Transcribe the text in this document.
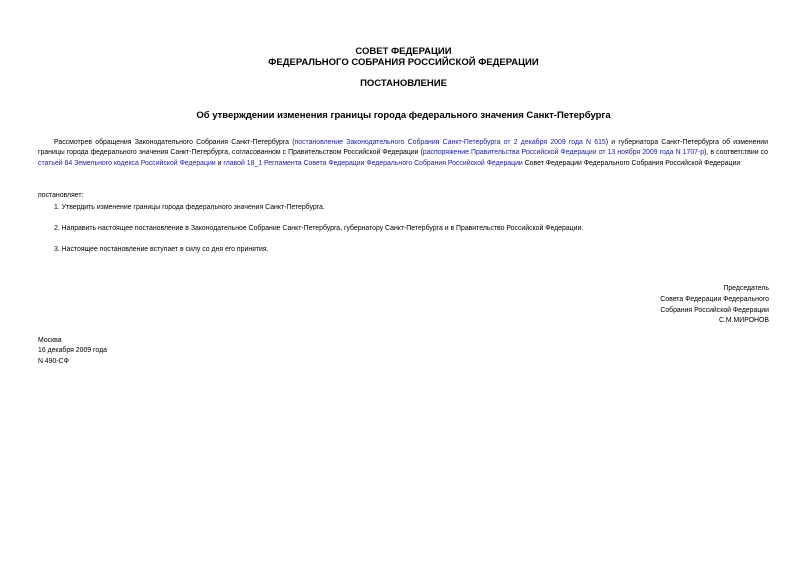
СОВЕТ ФЕДЕРАЦИИ
ФЕДЕРАЛЬНОГО СОБРАНИЯ РОССИЙСКОЙ ФЕДЕРАЦИИ
ПОСТАНОВЛЕНИЕ
Об утверждении изменения границы города федерального значения Санкт-Петербурга
Рассмотрев обращения Законодательного Собрания Санкт-Петербурга (постановление Законодательного Собрания Санкт-Петербурга от 2 декабря 2009 года N 615) и губернатора Санкт-Петербурга об изменении границы города федерального значения Санкт-Петербурга, согласованном с Правительством Российской Федерации (распоряжение Правительства Российской Федерации от 13 ноября 2009 года N 1707-р), в соответствии со статьей 84 Земельного кодекса Российской Федерации и главой 18_1 Регламента Совета Федерации Федерального Собрания Российской Федерации Совет Федерации Федерального Собрания Российской Федерации
постановляет:
1. Утвердить изменение границы города федерального значения Санкт-Петербурга.
2. Направить настоящее постановление в Законодательное Собрание Санкт-Петербурга, губернатору Санкт-Петербурга и в Правительство Российской Федерации.
3. Настоящее постановление вступает в силу со дня его принятия.
Председатель
Совета Федерации Федерального
Собрания Российской Федерации
С.М.МИРОНОВ
Москва
16 декабря 2009 года
N 490-СФ
